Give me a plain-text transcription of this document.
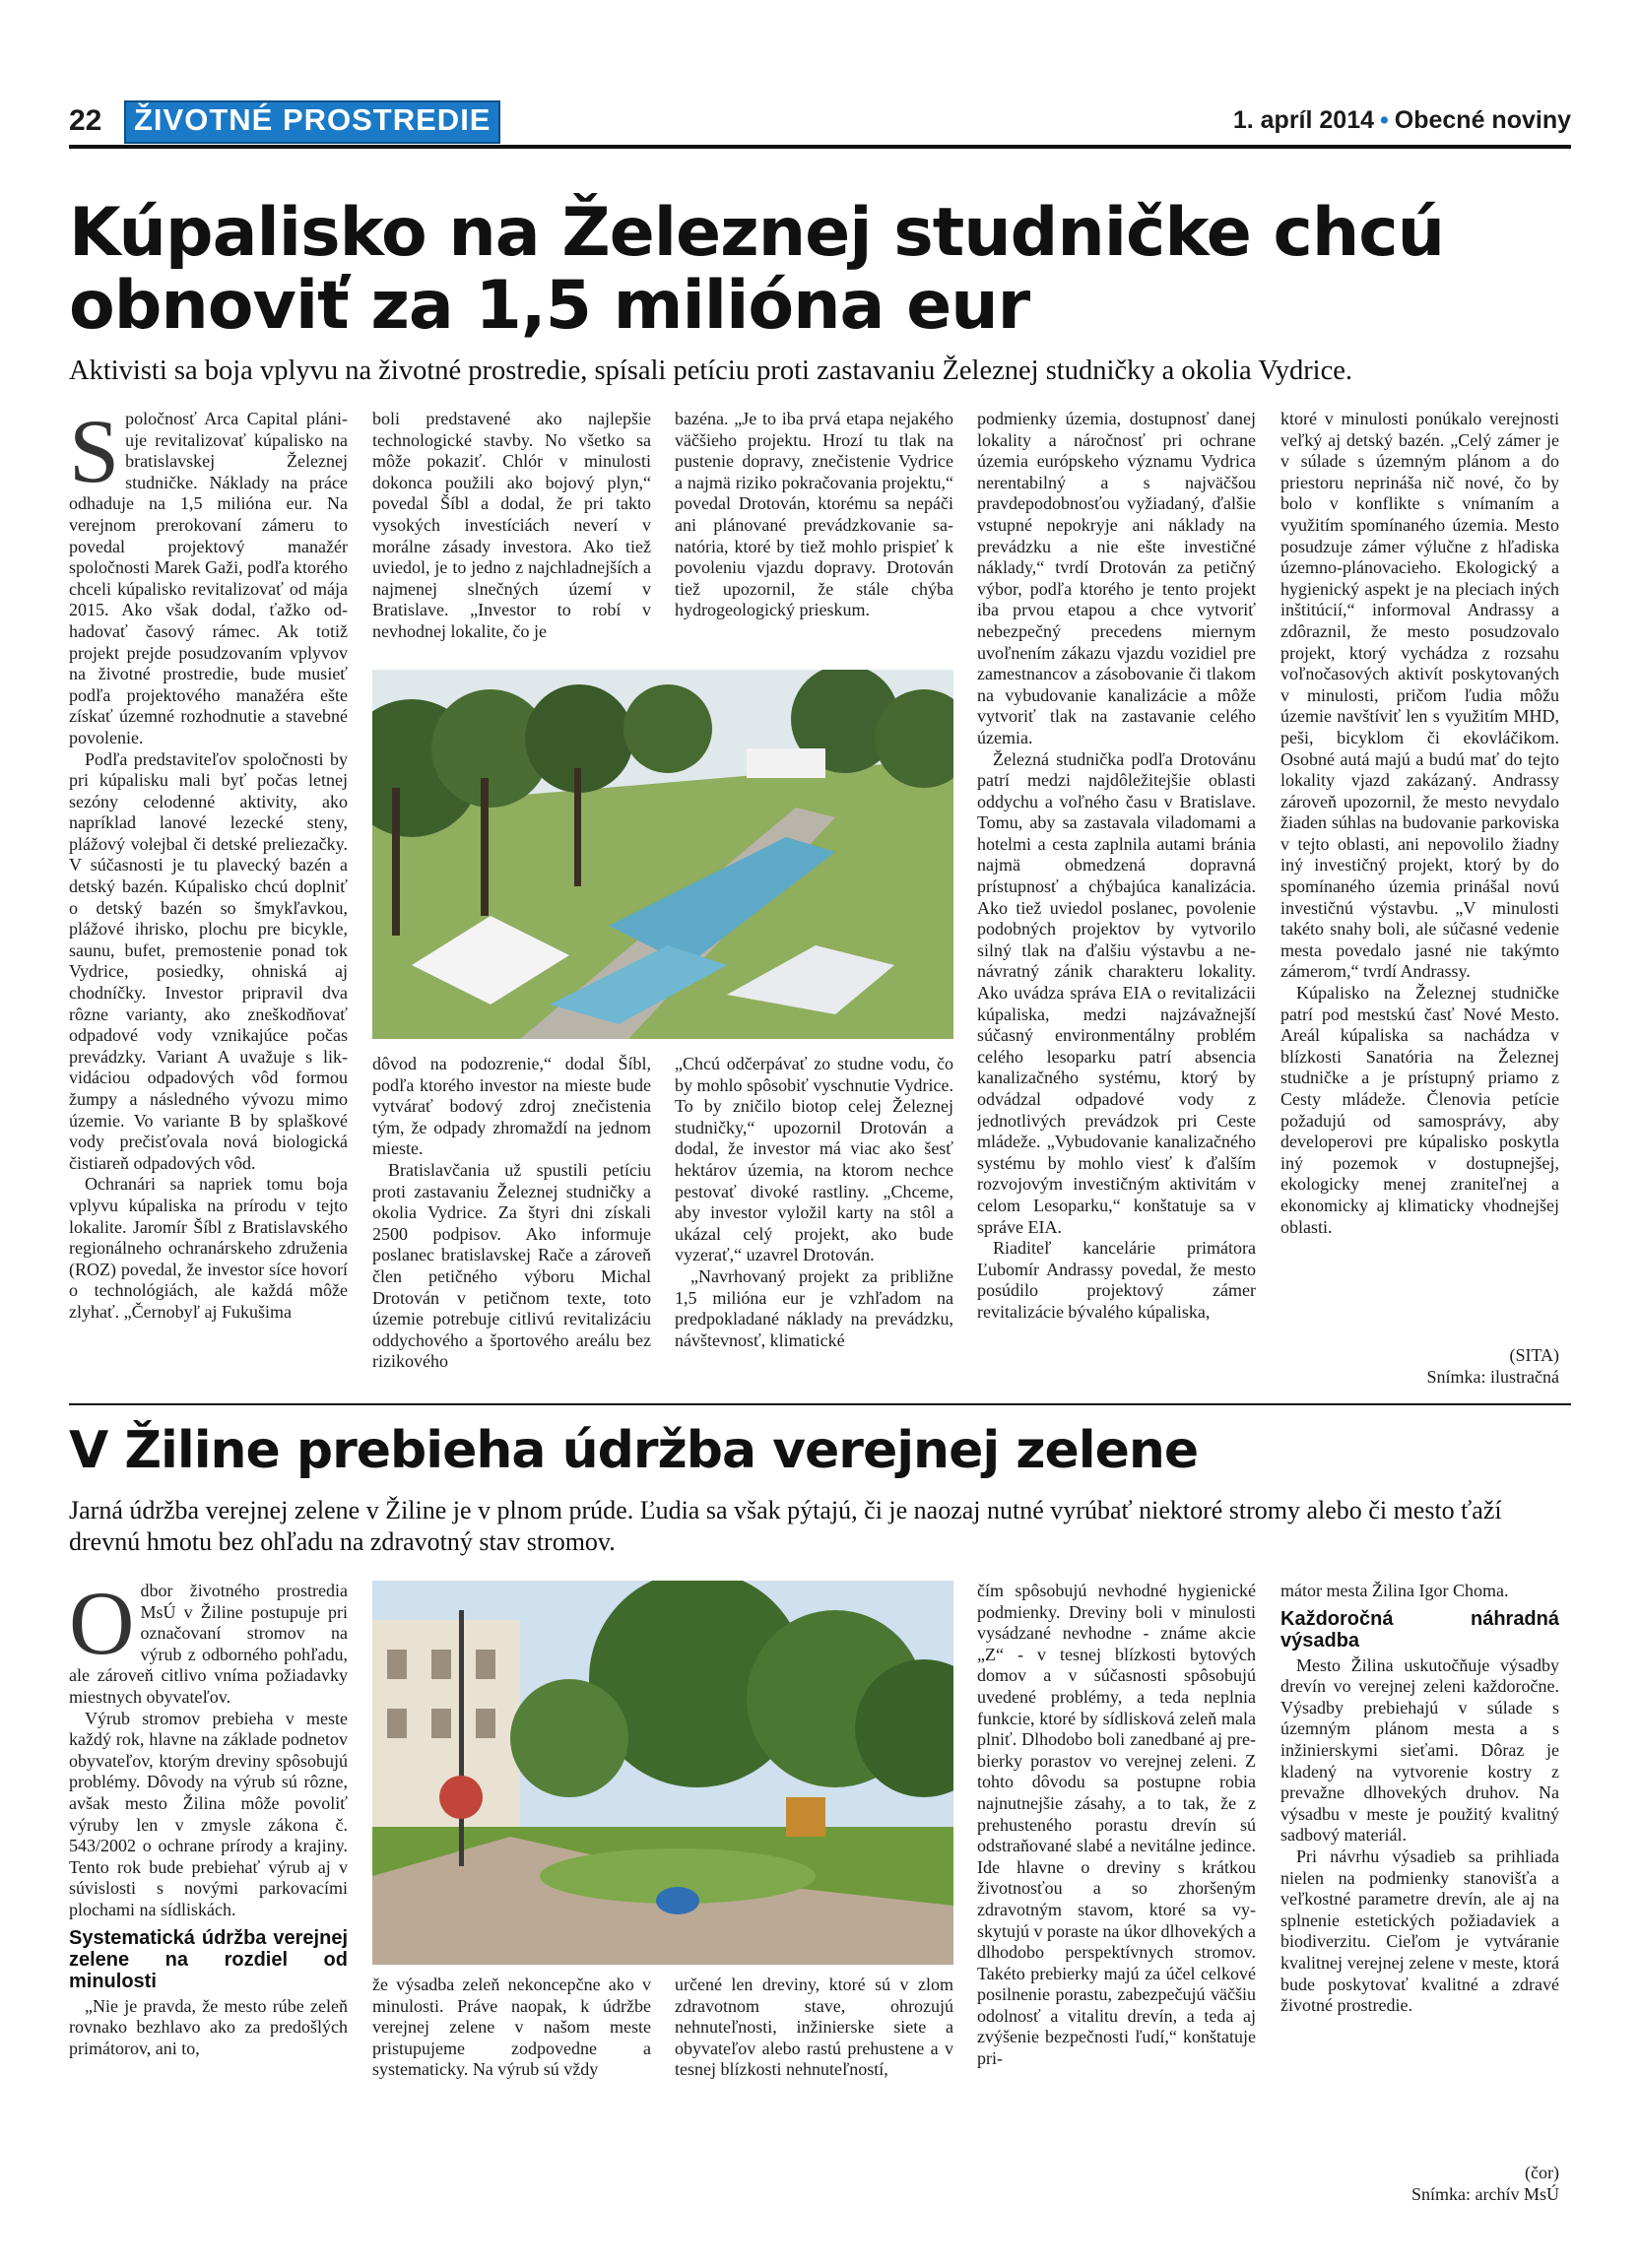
22	ŽIVOTNÉ PROSTREDIE	1. apríl 2014 • Obecné noviny
Kúpalisko na Železnej studničke chcú
obnoviť za 1,5 milióna eur

Aktivisti sa boja vplyvu na životné prostredie, spísali petíciu proti zastavaniu Železnej studničky a okolia Vydrice.

S poločnosť Arca Capital plániuje revitalizovať kúpalisko na bratislavskej Železnej studničke. Náklady na práce odhaduje na 1,5 milióna eur. Na verejnom prerokovaní zámeru to povedal projektový manažér spoločnosti Marek Gaži, podľa ktorého chceli kúpalisko revitalizovať od mája 2015. Ako však dodal, ťažko odhadovať časový rámec. Ak totiž projekt prejde posudzovaním vplyvov na životné prostredie, bude musieť podľa projektového manažéra ešte získať územné rozhodnutie a stavebné povolenie.

Podľa predstaviteľov spoločnosti by pri kúpalisku mali byť počas letnej sezóny celodenné aktivity, ako napríklad lanové lezecké steny, plážový volejbal či detské preliezačky. V súčasnosti je tu plavecký bazén a detský bazén. Kúpalisko chcú doplniť o detský bazén so šmykľavkou, plážové ihrisko, plochu pre bicykle, saunu, bufet, premostenie ponad tok Vydrice, posiedky, ohniská aj chodníčky. Investor pripravil dva rôzne varianty, ako zneškodňovať odpadové vody vznikajúce počas prevádzky. Variant A uvažuje s likvidáciou odpadových vôd formou žumpy a následného vývozu mimo územie. Vo variante B by splaškové vody prečisťovala nová biologická čistiareň odpadových vôd.

Ochranári sa napriek tomu boja vplyvu kúpaliska na prírodu v tejto lokalite. Jaromír Šíbl z Bratislavského regionálneho ochranárskeho združenia (ROZ) povedal, že investor síce hovorí o technológiách, ale každá môže zlyhať. „Černobyľ aj Fukušima

boli predstavené ako najlepšie technologické stavby. No všetko sa môže pokaziť. Chlór v minulosti dokonca použili ako bojový plyn,“ povedal Šíbl a dodal, že pri takto vysokých investíciách neverí v morálne zásady investora. Ako tiež uviedol, je to jedno z najchladnejších a najmenej slnečných území v Bratislave. „Investor to robí v nevhodnej lokalite, čo je

bazéna. „Je to iba prvá etapa nejakého väčšieho projektu. Hrozí tu tlak na pustenie dopravy, znečistenie Vydrice a najmä riziko pokračovania projektu,“ povedal Drotován, ktorému sa nepáči ani plánované prevádzkovanie sanatória, ktoré by tiež mohlo prispieť k povoleniu vjazdu dopravy. Drotován tiež upozornil, že stále chýba hydrogeologický prieskum.

dôvod na podozrenie,“ dodal Šíbl, podľa ktorého investor na mieste bude vytvárať bodový zdroj znečistenia tým, že odpady zhromaždí na jednom mieste.

Bratislavčania už spustili petíciu proti zastavaniu Železnej studničky a okolia Vydrice. Za štyri dni získali 2500 podpisov. Ako informuje poslanec bratislavskej Rače a zároveň člen petičného výboru Michal Drotován v petičnom texte, toto územie potrebuje citlivú revitalizáciu oddychového a športového areálu bez rizikového

„Chcú odčerpávať zo studne vodu, čo by mohlo spôsobiť vyschnutie Vydrice. To by zničilo biotop celej Železnej studničky,“ upozornil Drotován a dodal, že investor má viac ako šesť hektárov územia, na ktorom nechce pestovať divoké rastliny. „Chceme, aby investor vyložil karty na stôl a ukázal celý projekt, ako bude vyzerať,“ uzavrel Drotován.

„Navrhovaný projekt za približne 1,5 milióna eur je vzhľadom na predpokladané náklady na prevádzku, návštevnosť, klimatické

podmienky územia, dostupnosť danej lokality a náročnosť pri ochrane územia európskeho významu Vydrica nerentabilný a s najväčšou pravdepodobnosťou vyžiadaný, ďalšie vstupné nepokryje ani náklady na prevádzku a nie ešte investičné náklady,“ tvrdí Drotován za petičný výbor, podľa ktorého je tento projekt iba prvou etapou a chce vytvoriť nebezpečný precedens miernym uvoľnením zákazu vjazdu vozidiel pre zamestnancov a zásobovanie či tlakom na vybudovanie kanalizácie a môže vytvoriť tlak na zastavanie celého územia.

Železná studnička podľa Drotovánu patrí medzi najdôležitejšie oblasti oddychu a voľného času v Bratislave. Tomu, aby sa zastavala viladomami a hotelmi a cesta zaplnila autami bránia najmä obmedzená dopravná prístupnosť a chýbajúca kanalizácia. Ako tiež uviedol poslanec, povolenie podobných projektov by vytvorilo silný tlak na ďalšiu výstavbu a nenávratný zánik charakteru lokality. Ako uvádza správa EIA o revitalizácii kúpaliska, medzi najzávažnejší súčasný environmentálny problém celého lesoparku patrí absencia kanalizačného systému, ktorý by odvádzal odpadové vody z jednotlivých prevádzok pri Ceste mládeže. „Vybudovanie kanalizačného systému by mohlo viesť k ďalším rozvojovým investičným aktivitám v celom Lesoparku,“ konštatuje sa v správe EIA.

Riaditeľ kancelárie primátora Ľubomír Andrassy povedal, že mesto posúdilo projektový zámer revitalizácie bývalého kúpaliska,

ktoré v minulosti ponúkalo verejnosti veľký aj detský bazén. „Celý zámer je v súlade s územným plánom a do priestoru neprináša nič nové, čo by bolo v konflikte s vnímaním a využitím spomínaného územia. Mesto posudzuje zámer výlučne z hľadiska územno-plánovacieho. Ekologický a hygienický aspekt je na pleciach iných inštitúcií,“ informoval Andrassy a zdôraznil, že mesto posudzovalo projekt, ktorý vychádza z rozsahu voľnočasových aktivít poskytovaných v minulosti, pričom ľudia môžu územie navštíviť len s využitím MHD, peši, bicyklom či ekovláčikom. Osobné autá majú a budú mať do tejto lokality vjazd zakázaný. Andrassy zároveň upozornil, že mesto nevydalo žiaden súhlas na budovanie parkoviska v tejto oblasti, ani nepovolilo žiadny iný investičný projekt, ktorý by do spomínaného územia prinášal novú investičnú výstavbu. „V minulosti takéto snahy boli, ale súčasné vedenie mesta povedalo jasné nie takýmto zámerom,“ tvrdí Andrassy.

Kúpalisko na Železnej studničke patrí pod mestskú časť Nové Mesto. Areál kúpaliska sa nachádza v blízkosti Sanatória na Železnej studničke a je prístupný priamo z Cesty mládeže. Členovia petície požadujú od samosprávy, aby developerovi pre kúpalisko poskytla iný pozemok v dostupnejšej, ekologicky menej zraniteľnej a ekonomicky aj klimaticky vhodnejšej oblasti.

(SITA)
Snímka: ilustračná
V Žiline prebieha údržba verejnej zelene

Jarná údržba verejnej zelene v Žiline je v plnom prúde. Ľudia sa však pýtajú, či je naozaj nutné vyrúbať niektoré stromy alebo či mesto ťaží drevnú hmotu bez ohľadu na zdravotný stav stromov.

O dbor životného prostredia MsÚ v Žiline postupuje pri označovaní stromov na výrub z odborného pohľadu, ale zároveň citlivo vníma požiadavky miestnych obyvateľov.

Výrub stromov prebieha v meste každý rok, hlavne na základe podnetov obyvateľov, ktorým dreviny spôsobujú problémy. Dôvody na výrub sú rôzne, avšak mesto Žilina môže povoliť výruby len v zmysle zákona č. 543/2002 o ochrane prírody a krajiny. Tento rok bude prebiehať výrub aj v súvislosti s novými parkovacími plochami na sídliskách.

Systematická údržba verejnej zelene na rozdiel od minulosti

„Nie je pravda, že mesto rúbe zeleň rovnako bezhlavo ako za predošlých primátorov, ani to,

že výsadba zeleň nekoncepčne ako v minulosti. Práve naopak, k údržbe verejnej zelene v našom meste pristupujeme zodpovedne a systematicky. Na výrub sú vždy

určené len dreviny, ktoré sú v zlom zdravotnom stave, ohrozujú nehnuteľnosti, inžinierske siete a obyvateľov alebo rastú prehustene a v tesnej blízkosti nehnuteľností,

čím spôsobujú nevhodné hygienické podmienky. Dreviny boli v minulosti vysádzané nevhodne - známe akcie „Z“ - v tesnej blízkosti bytových domov a v súčasnosti spôsobujú uvedené problémy, a teda neplnia funkcie, ktoré by sídlisková zeleň mala plniť. Dlhodobo boli zanedbané aj prebierky porastov vo verejnej zeleni. Z tohto dôvodu sa postupne robia najnutnejšie zásahy, a to tak, že z prehusteného porastu drevín sú odstraňované slabé a nevitálne jedince. Ide hlavne o dreviny s krátkou životnosťou a so zhoršeným zdravotným stavom, ktoré sa vyskytujú v poraste na úkor dlhovekých a dlhodobo perspektívnych stromov. Takéto prebierky majú za účel celkové posilnenie porastu, zabezpečujú väčšiu odolnosť a vitalitu drevín, a teda aj zvýšenie bezpečnosti ľudí,“ konštatuje pri-

mátor mesta Žilina Igor Choma.

Každoročná náhradná výsadba

Mesto Žilina uskutočňuje výsadby drevín vo verejnej zeleni každoročne. Výsadby prebiehajú v súlade s územným plánom mesta a s inžinierskymi sieťami. Dôraz je kladený na vytvorenie kostry z prevažne dlhovekých druhov. Na výsadbu v meste je použitý kvalitný sadbový materiál.

Pri návrhu výsadieb sa prihliada nielen na podmienky stanovišťa a veľkostné parametre drevín, ale aj na splnenie estetických požiadaviek a biodiverzitu. Cieľom je vytváranie kvalitnej verejnej zelene v meste, ktorá bude poskytovať kvalitné a zdravé životné prostredie.

(čor)
Snímka: archív MsÚ
